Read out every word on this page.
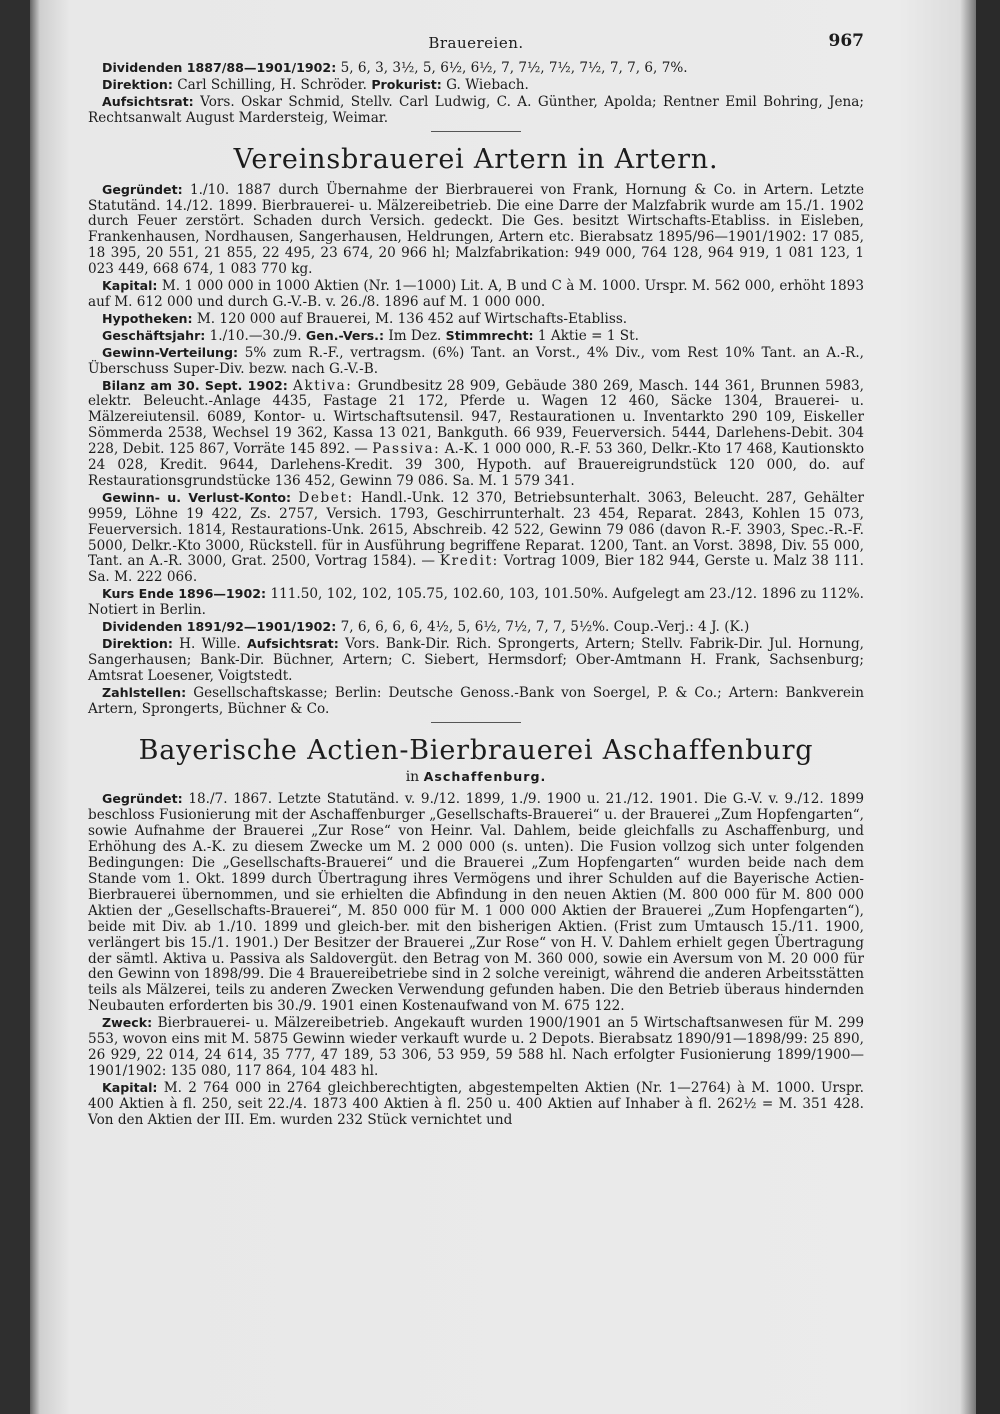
Brauereien.	967

Dividenden 1887/88—1901/1902: 5, 6, 3, 3½, 5, 6½, 6½, 7, 7½, 7½, 7½, 7, 7, 6, 7%.

Direktion: Carl Schilling, H. Schröder. Prokurist: G. Wiebach.

Aufsichtsrat: Vors. Oskar Schmid, Stellv. Carl Ludwig, C. A. Günther, Apolda; Rentner Emil Bohring, Jena; Rechtsanwalt August Mardersteig, Weimar.

Vereinsbrauerei Artern in Artern.

Gegründet: 1./10. 1887 durch Übernahme der Bierbrauerei von Frank, Hornung & Co. in Artern. Letzte Statutänd. 14./12. 1899. Bierbrauerei- u. Mälzereibetrieb. Die eine Darre der Malzfabrik wurde am 15./1. 1902 durch Feuer zerstört. Schaden durch Versich. gedeckt. Die Ges. besitzt Wirtschafts-Etabliss. in Eisleben, Frankenhausen, Nordhausen, Sangerhausen, Heldrungen, Artern etc. Bierabsatz 1895/96—1901/1902: 17 085, 18 395, 20 551, 21 855, 22 495, 23 674, 20 966 hl; Malzfabrikation: 949 000, 764 128, 964 919, 1 081 123, 1 023 449, 668 674, 1 083 770 kg.

Kapital: M. 1 000 000 in 1000 Aktien (Nr. 1—1000) Lit. A, B und C à M. 1000. Urspr. M. 562 000, erhöht 1893 auf M. 612 000 und durch G.-V.-B. v. 26./8. 1896 auf M. 1 000 000.

Hypotheken: M. 120 000 auf Brauerei, M. 136 452 auf Wirtschafts-Etabliss.

Geschäftsjahr: 1./10.—30./9. Gen.-Vers.: Im Dez. Stimmrecht: 1 Aktie = 1 St.

Gewinn-Verteilung: 5% zum R.-F., vertragsm. (6%) Tant. an Vorst., 4% Div., vom Rest 10% Tant. an A.-R., Überschuss Super-Div. bezw. nach G.-V.-B.

Bilanz am 30. Sept. 1902: Aktiva: Grundbesitz 28 909, Gebäude 380 269, Masch. 144 361, Brunnen 5983, elektr. Beleucht.-Anlage 4435, Fastage 21 172, Pferde u. Wagen 12 460, Säcke 1304, Brauerei- u. Mälzereiutensil. 6089, Kontor- u. Wirtschaftsutensil. 947, Restaurationen u. Inventarkto 290 109, Eiskeller Sömmerda 2538, Wechsel 19 362, Kassa 13 021, Bankguth. 66 939, Feuerversich. 5444, Darlehens-Debit. 304 228, Debit. 125 867, Vorräte 145 892. — Passiva: A.-K. 1 000 000, R.-F. 53 360, Delkr.-Kto 17 468, Kautionskto 24 028, Kredit. 9644, Darlehens-Kredit. 39 300, Hypoth. auf Brauereigrundstück 120 000, do. auf Restaurationsgrundstücke 136 452, Gewinn 79 086. Sa. M. 1 579 341.

Gewinn- u. Verlust-Konto: Debet: Handl.-Unk. 12 370, Betriebsunterhalt. 3063, Beleucht. 287, Gehälter 9959, Löhne 19 422, Zs. 2757, Versich. 1793, Geschirrunterhalt. 23 454, Reparat. 2843, Kohlen 15 073, Feuerversich. 1814, Restaurations-Unk. 2615, Abschreib. 42 522, Gewinn 79 086 (davon R.-F. 3903, Spec.-R.-F. 5000, Delkr.-Kto 3000, Rückstell. für in Ausführung begriffene Reparat. 1200, Tant. an Vorst. 3898, Div. 55 000, Tant. an A.-R. 3000, Grat. 2500, Vortrag 1584). — Kredit: Vortrag 1009, Bier 182 944, Gerste u. Malz 38 111. Sa. M. 222 066.

Kurs Ende 1896—1902: 111.50, 102, 102, 105.75, 102.60, 103, 101.50%. Aufgelegt am 23./12. 1896 zu 112%. Notiert in Berlin.

Dividenden 1891/92—1901/1902: 7, 6, 6, 6, 6, 4½, 5, 6½, 7½, 7, 7, 5½%. Coup.-Verj.: 4 J. (K.)

Direktion: H. Wille. Aufsichtsrat: Vors. Bank-Dir. Rich. Sprongerts, Artern; Stellv. Fabrik-Dir. Jul. Hornung, Sangerhausen; Bank-Dir. Büchner, Artern; C. Siebert, Hermsdorf; Ober-Amtmann H. Frank, Sachsenburg; Amtsrat Loesener, Voigtstedt.

Zahlstellen: Gesellschaftskasse; Berlin: Deutsche Genoss.-Bank von Soergel, P. & Co.; Artern: Bankverein Artern, Sprongerts, Büchner & Co.

Bayerische Actien-Bierbrauerei Aschaffenburg
in Aschaffenburg.

Gegründet: 18./7. 1867. Letzte Statutänd. v. 9./12. 1899, 1./9. 1900 u. 21./12. 1901. Die G.-V. v. 9./12. 1899 beschloss Fusionierung mit der Aschaffenburger „Gesellschafts-Brauerei“ u. der Brauerei „Zum Hopfengarten“, sowie Aufnahme der Brauerei „Zur Rose“ von Heinr. Val. Dahlem, beide gleichfalls zu Aschaffenburg, und Erhöhung des A.-K. zu diesem Zwecke um M. 2 000 000 (s. unten). Die Fusion vollzog sich unter folgenden Bedingungen: Die „Gesellschafts-Brauerei“ und die Brauerei „Zum Hopfengarten“ wurden beide nach dem Stande vom 1. Okt. 1899 durch Übertragung ihres Vermögens und ihrer Schulden auf die Bayerische Actien-Bierbrauerei übernommen, und sie erhielten die Abfindung in den neuen Aktien (M. 800 000 für M. 800 000 Aktien der „Gesellschafts-Brauerei“, M. 850 000 für M. 1 000 000 Aktien der Brauerei „Zum Hopfengarten“), beide mit Div. ab 1./10. 1899 und gleich-ber. mit den bisherigen Aktien. (Frist zum Umtausch 15./11. 1900, verlängert bis 15./1. 1901.) Der Besitzer der Brauerei „Zur Rose“ von H. V. Dahlem erhielt gegen Übertragung der sämtl. Aktiva u. Passiva als Saldovergüt. den Betrag von M. 360 000, sowie ein Aversum von M. 20 000 für den Gewinn von 1898/99. Die 4 Brauereibetriebe sind in 2 solche vereinigt, während die anderen Arbeitsstätten teils als Mälzerei, teils zu anderen Zwecken Verwendung gefunden haben. Die den Betrieb überaus hindernden Neubauten erforderten bis 30./9. 1901 einen Kostenaufwand von M. 675 122.

Zweck: Bierbrauerei- u. Mälzereibetrieb. Angekauft wurden 1900/1901 an 5 Wirtschaftsanwesen für M. 299 553, wovon eins mit M. 5875 Gewinn wieder verkauft wurde u. 2 Depots. Bierabsatz 1890/91—1898/99: 25 890, 26 929, 22 014, 24 614, 35 777, 47 189, 53 306, 53 959, 59 588 hl. Nach erfolgter Fusionierung 1899/1900—1901/1902: 135 080, 117 864, 104 483 hl.

Kapital: M. 2 764 000 in 2764 gleichberechtigten, abgestempelten Aktien (Nr. 1—2764) à M. 1000. Urspr. 400 Aktien à fl. 250, seit 22./4. 1873 400 Aktien à fl. 250 u. 400 Aktien auf Inhaber à fl. 262½ = M. 351 428. Von den Aktien der III. Em. wurden 232 Stück vernichtet und
